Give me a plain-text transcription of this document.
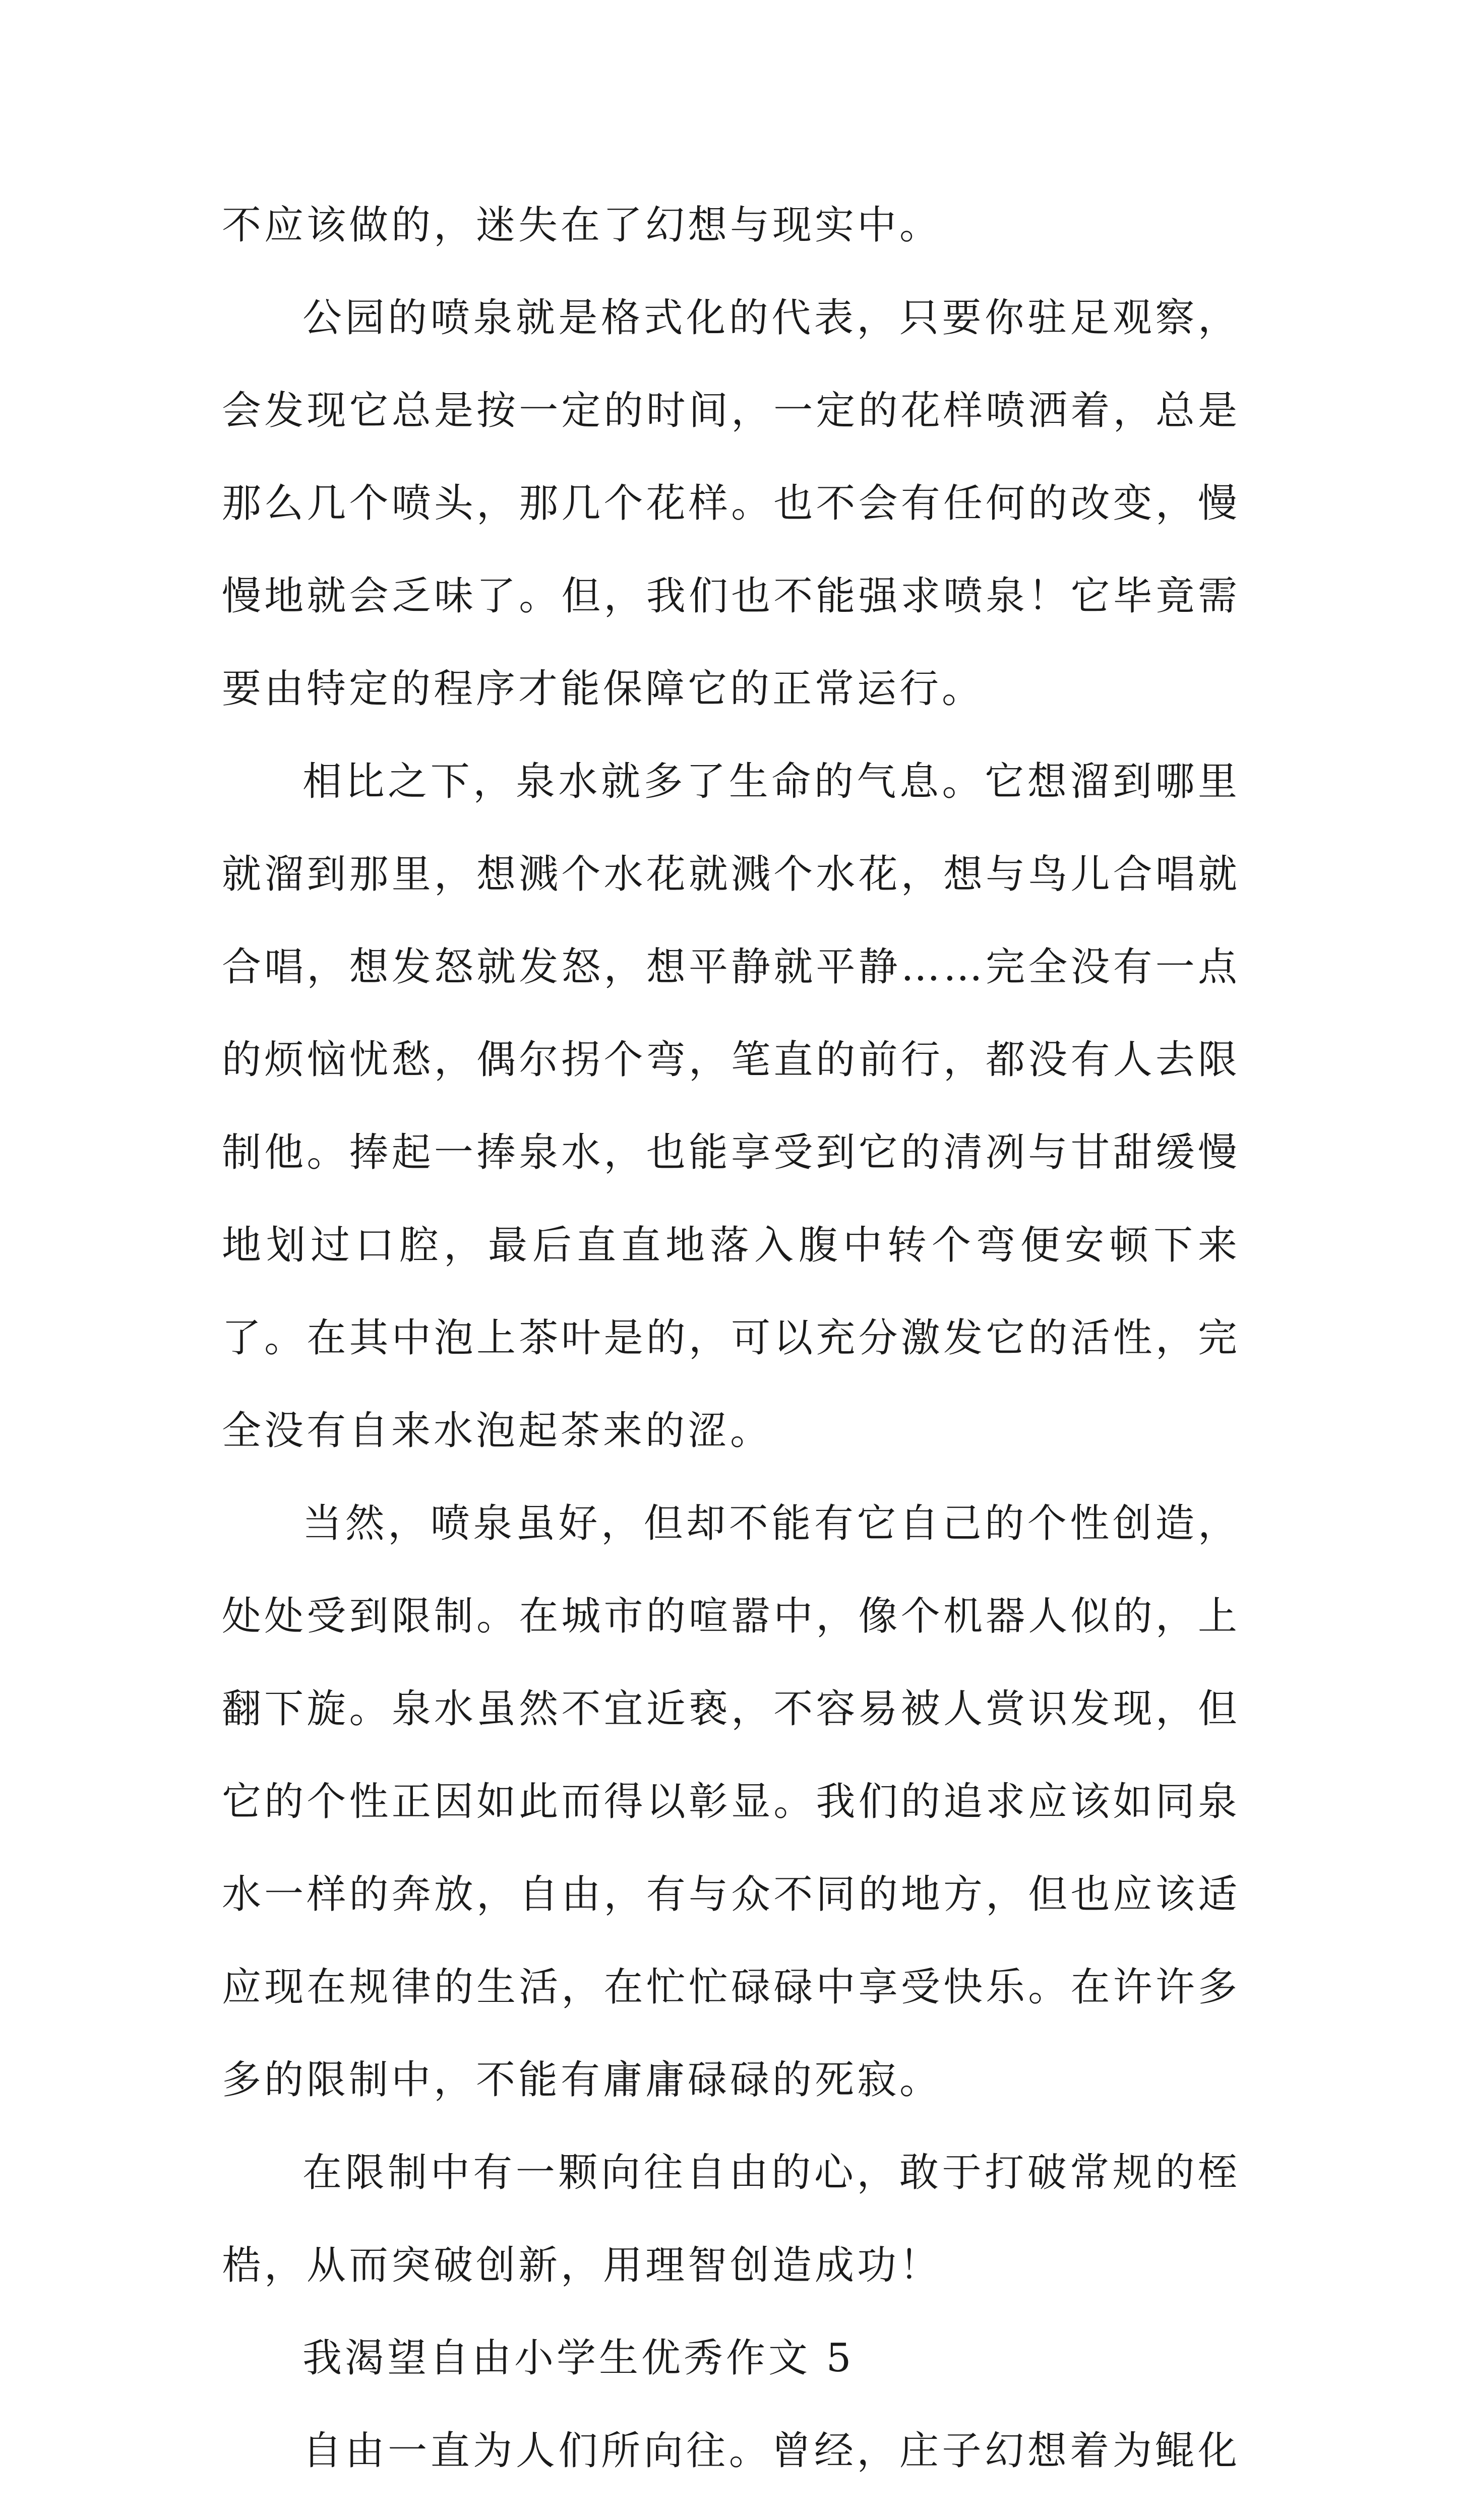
不应该做的，迷失在了幻想与现实中。

公园的喷泉就是格式化的代表，只要你驻足观察，会发现它总是按一定的时间，一定的花样喷洒着，总是那么几个喷头，那几个花样。也不会有任何的改变，慢慢地就会乏味了。但，我们也不能强求喷泉！它毕竟需要由特定的程序才能保障它的正常运行。

相比之下，泉水就多了生命的气息。它想溜到哪里就溜到那里，想溅个水花就溅个水花，想与鸟儿合唱就合唱，想发怒就发怒，想平静就平静……完全没有一点的烦恼忧愁，偶尔拐个弯，笔直的前行，都没有人去限制他。捧起一捧泉水，也能享受到它的清冽与甘甜缓慢地划过口腔，最后直直地落入腹中转个弯便安顿下来了。在其中泡上茶叶是的，可以充分激发它的活性，完全没有自来水泡起茶来的涩。

当然，喷泉虽好，但却不能有它自己的个性创造，处处受到限制。在城市的喧嚣中，像个机器人似的，上翻下旋。泉水虽然不宜近亵，不容易被人赏识发现，但它的个性正因如此而得以彰显。我们的追求应该如同泉水一样的奔放，自由，有与众不同的地方，但也应该适应现在规律的生活，在忙忙碌碌中享受快乐。在许许多多的限制中，不能有庸庸碌碌的死寂。

在限制中有一颗向往自由的心，敢于打破常规的桎梏，从而突破创新，用理智创造成功！

我渴望自由小学生优秀作文 5

自由一直为人们所向往。曾经，庄子幻想着为鲲化
